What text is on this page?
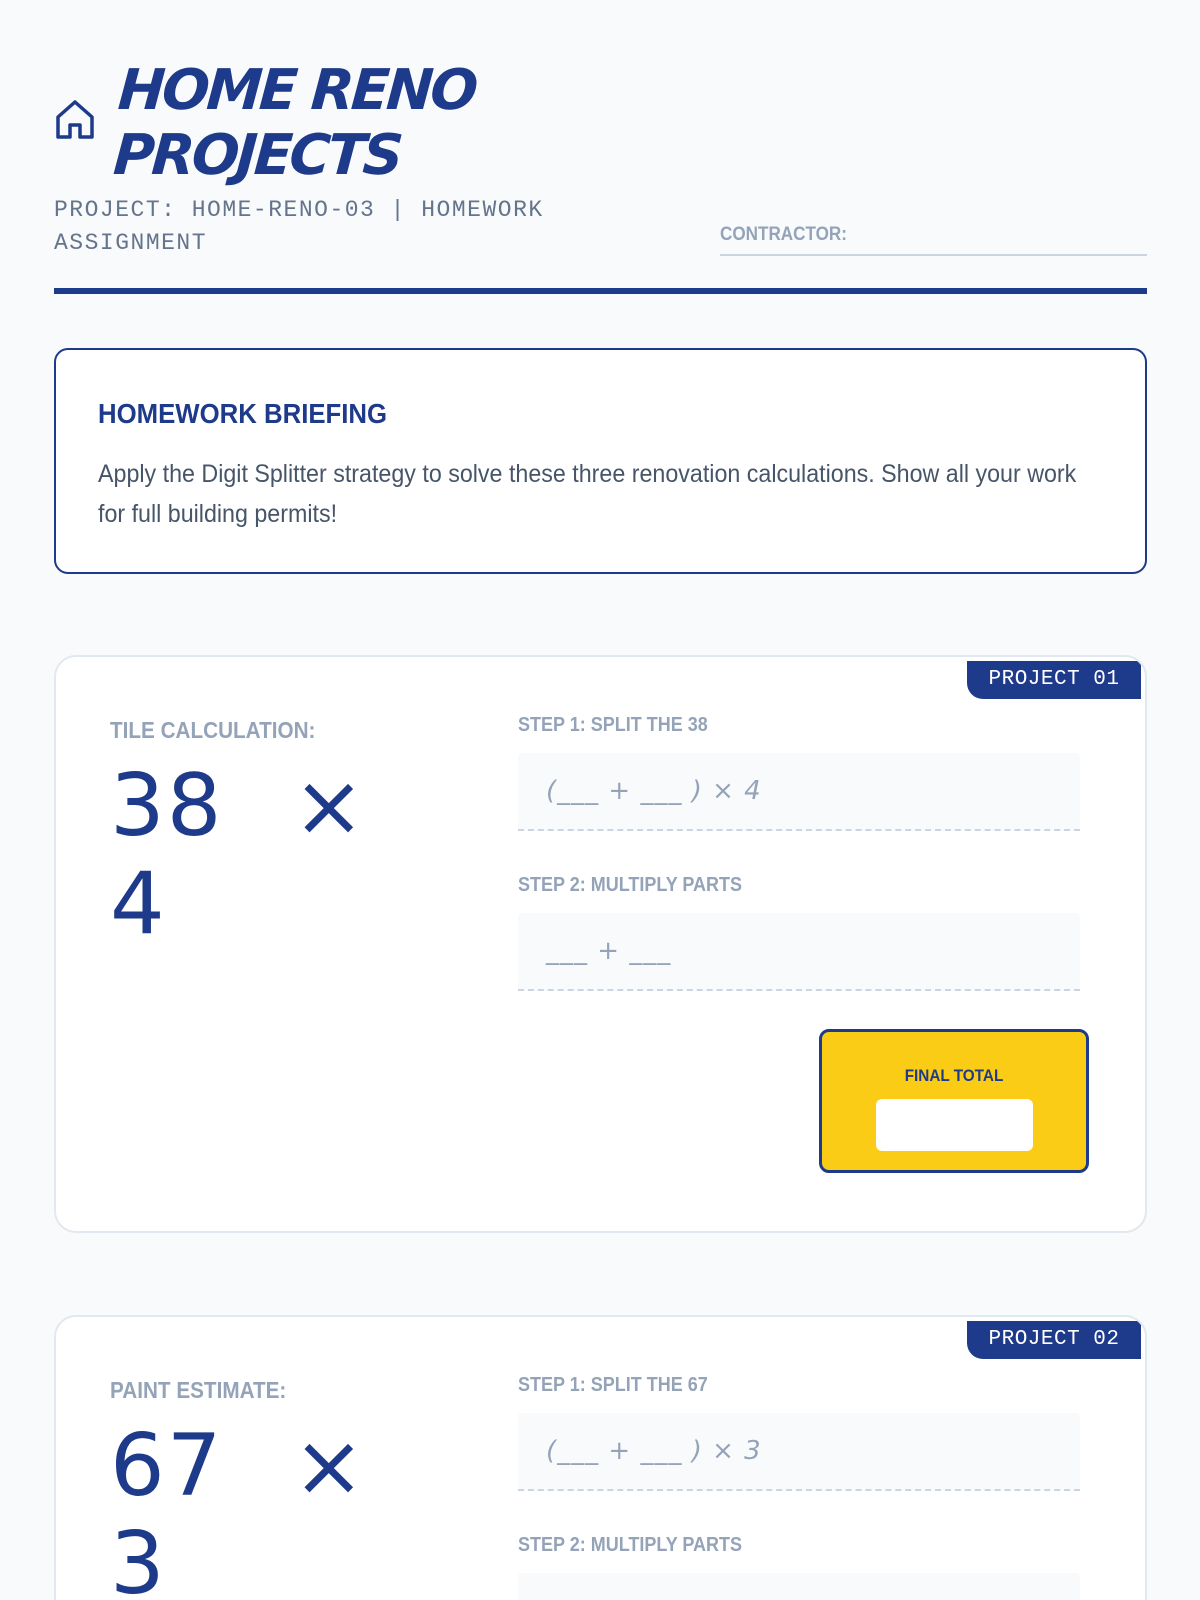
HOME RENO PROJECTS
PROJECT: HOME-RENO-03 | HOMEWORK ASSIGNMENT	CONTRACTOR:
HOMEWORK BRIEFING
Apply the Digit Splitter strategy to solve these three renovation calculations. Show all your work for full building permits!
PROJECT 01
TILE CALCULATION:
38 × 4
STEP 1: SPLIT THE 38
(___ + ___ ) × 4
STEP 2: MULTIPLY PARTS
___ + ___
FINAL TOTAL
PROJECT 02
PAINT ESTIMATE:
67 × 3
STEP 1: SPLIT THE 67
(___ + ___ ) × 3
STEP 2: MULTIPLY PARTS
